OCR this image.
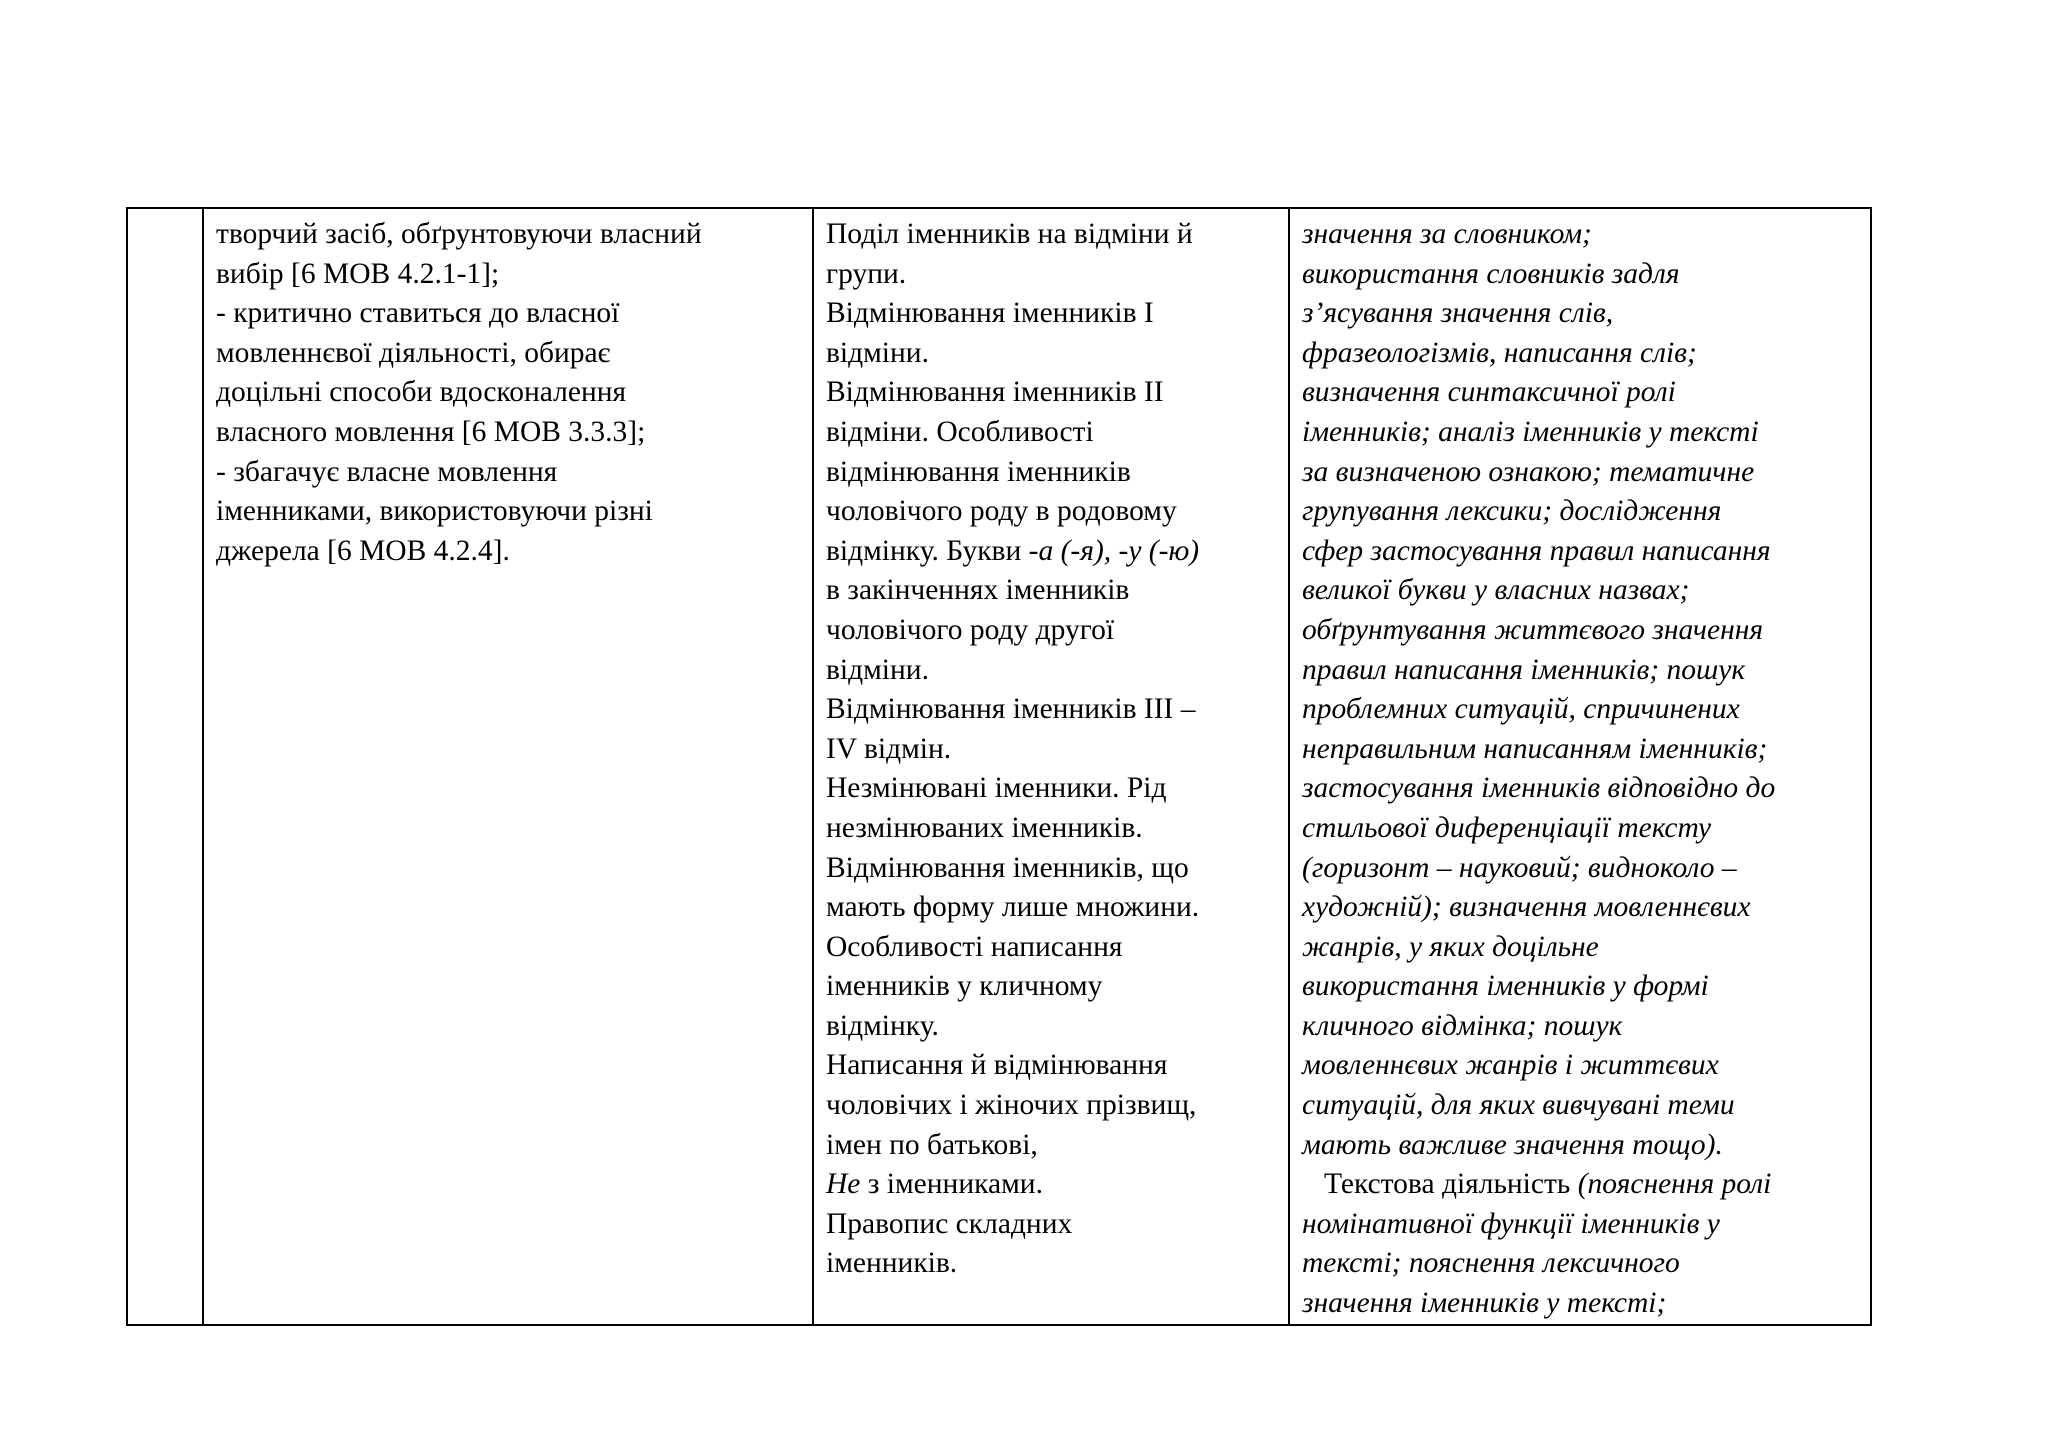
творчий засіб, обґрунтовуючи власний
вибір [6 МОВ 4.2.1-1];
- критично ставиться до власної
мовленнєвої діяльності, обирає
доцільні способи вдосконалення
власного мовлення [6 МОВ 3.3.3];
- збагачує власне мовлення
іменниками, використовуючи різні
джерела [6 МОВ 4.2.4].

Поділ іменників на відміни й
групи.
Відмінювання іменників І
відміни.
Відмінювання іменників ІІ
відміни. Особливості
відмінювання іменників
чоловічого роду в родовому
відмінку. Букви -а (-я), -у (-ю)
в закінченнях іменників
чоловічого роду другої
відміни.
Відмінювання іменників ІІІ –
IV відмін.
Незмінювані іменники. Рід
незмінюваних іменників.
Відмінювання іменників, що
мають форму лише множини.
Особливості написання
іменників у кличному
відмінку.
Написання й відмінювання
чоловічих і жіночих прізвищ,
імен по батькові,
Не з іменниками.
Правопис складних
іменників.

значення за словником;
використання словників задля
з’ясування значення слів,
фразеологізмів, написання слів;
визначення синтаксичної ролі
іменників; аналіз іменників у тексті
за визначеною ознакою; тематичне
групування лексики; дослідження
сфер застосування правил написання
великої букви у власних назвах;
обґрунтування життєвого значення
правил написання іменників; пошук
проблемних ситуацій, спричинених
неправильним написанням іменників;
застосування іменників відповідно до
стильової диференціації тексту
(горизонт – науковий; видноколо –
художній); визначення мовленнєвих
жанрів, у яких доцільне
використання іменників у формі
кличного відмінка; пошук
мовленнєвих жанрів і життєвих
ситуацій, для яких вивчувані теми
мають важливе значення тощо).
Текстова діяльність (пояснення ролі
номінативної функції іменників у
тексті; пояснення лексичного
значення іменників у тексті;
